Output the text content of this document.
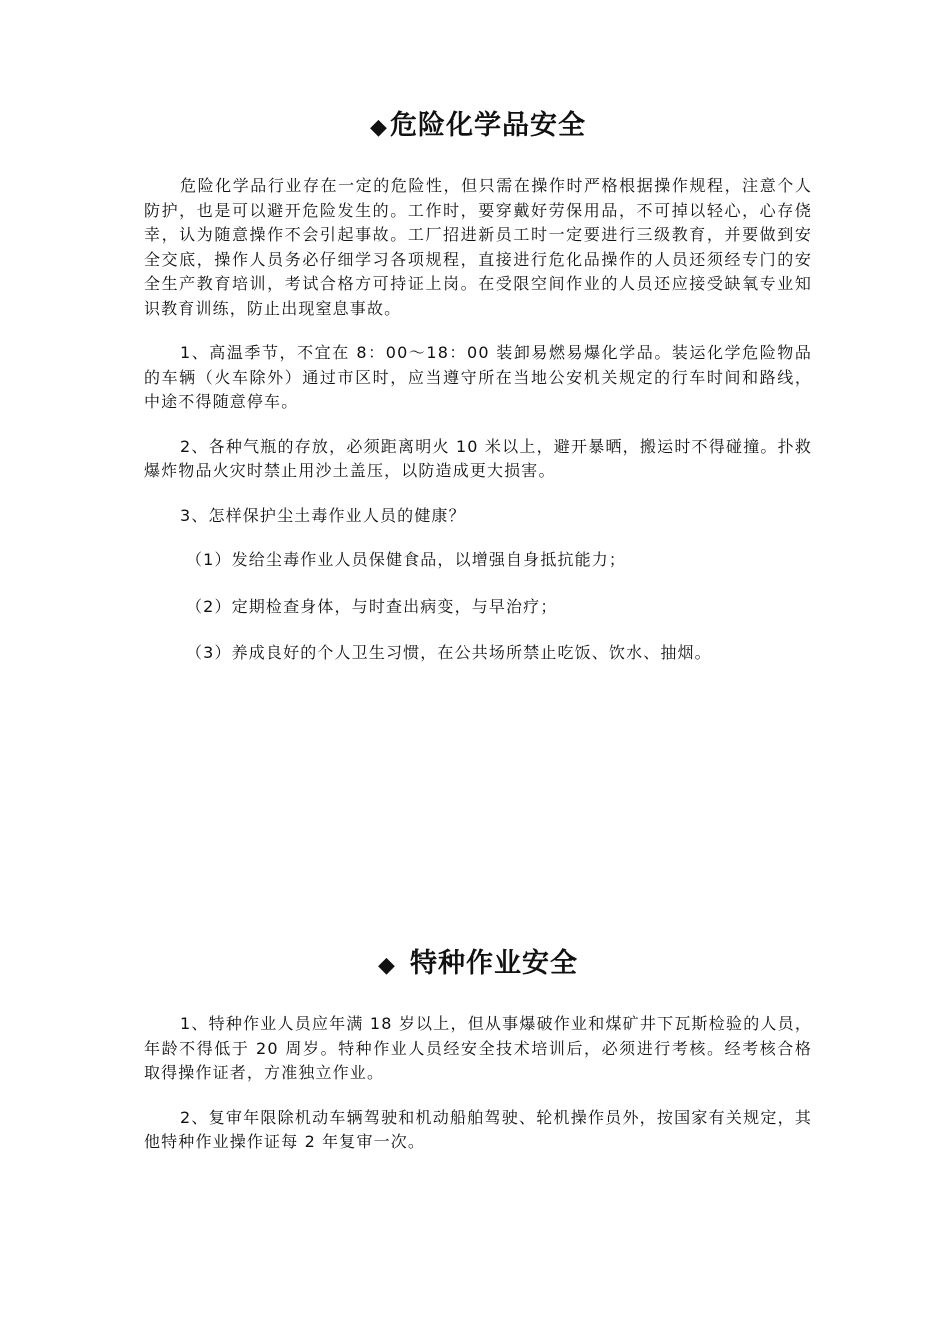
◆危险化学品安全

危险化学品行业存在一定的危险性，但只需在操作时严格根据操作规程，注意个人防护，也是可以避开危险发生的。工作时，要穿戴好劳保用品，不可掉以轻心，心存侥幸，认为随意操作不会引起事故。工厂招进新员工时一定要进行三级教育，并要做到安全交底，操作人员务必仔细学习各项规程，直接进行危化品操作的人员还须经专门的安全生产教育培训，考试合格方可持证上岗。在受限空间作业的人员还应接受缺氧专业知识教育训练，防止出现窒息事故。

1、高温季节，不宜在 8：00～18：00 装卸易燃易爆化学品。装运化学危险物品的车辆（火车除外）通过市区时，应当遵守所在当地公安机关规定的行车时间和路线，中途不得随意停车。

2、各种气瓶的存放，必须距离明火 10 米以上，避开暴晒，搬运时不得碰撞。扑救爆炸物品火灾时禁止用沙土盖压，以防造成更大损害。

3、怎样保护尘土毒作业人员的健康？

（1）发给尘毒作业人员保健食品，以增强自身抵抗能力；

（2）定期检查身体，与时查出病变，与早治疗；

（3）养成良好的个人卫生习惯，在公共场所禁止吃饭、饮水、抽烟。

◆ 特种作业安全

1、特种作业人员应年满 18 岁以上，但从事爆破作业和煤矿井下瓦斯检验的人员，年龄不得低于 20 周岁。特种作业人员经安全技术培训后，必须进行考核。经考核合格取得操作证者，方准独立作业。

2、复审年限除机动车辆驾驶和机动船舶驾驶、轮机操作员外，按国家有关规定，其他特种作业操作证每 2 年复审一次。
